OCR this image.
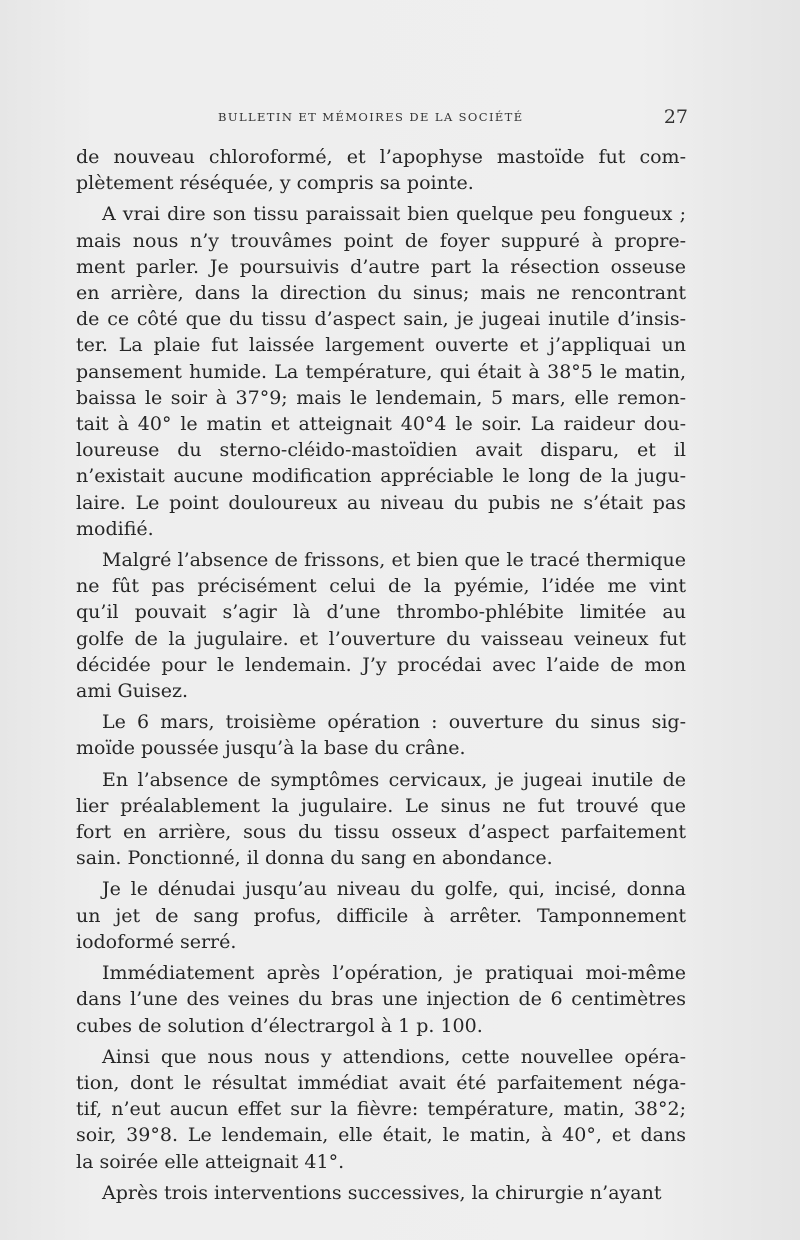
BULLETIN ET MÉMOIRES DE LA SOCIÉTÉ	27
de nouveau chloroformé, et l’apophyse mastoïde fut com-
plètement réséquée, y compris sa pointe.
A vrai dire son tissu paraissait bien quelque peu fongueux ;
mais nous n’y trouvâmes point de foyer suppuré à propre-
ment parler. Je poursuivis d’autre part la résection osseuse
en arrière, dans la direction du sinus; mais ne rencontrant
de ce côté que du tissu d’aspect sain, je jugeai inutile d’insis-
ter. La plaie fut laissée largement ouverte et j’appliquai un
pansement humide. La température, qui était à 38°5 le matin,
baissa le soir à 37°9; mais le lendemain, 5 mars, elle remon-
tait à 40° le matin et atteignait 40°4 le soir. La raideur dou-
loureuse du sterno-cléido-mastoïdien avait disparu, et il
n’existait aucune modification appréciable le long de la jugu-
laire. Le point douloureux au niveau du pubis ne s’était pas
modifié.
Malgré l’absence de frissons, et bien que le tracé thermique
ne fût pas précisément celui de la pyémie, l’idée me vint
qu’il pouvait s’agir là d’une thrombo-phlébite limitée au
golfe de la jugulaire. et l’ouverture du vaisseau veineux fut
décidée pour le lendemain. J’y procédai avec l’aide de mon
ami Guisez.
Le 6 mars, troisième opération : ouverture du sinus sig-
moïde poussée jusqu’à la base du crâne.
En l’absence de symptômes cervicaux, je jugeai inutile de
lier préalablement la jugulaire. Le sinus ne fut trouvé que
fort en arrière, sous du tissu osseux d’aspect parfaitement
sain. Ponctionné, il donna du sang en abondance.
Je le dénudai jusqu’au niveau du golfe, qui, incisé, donna
un jet de sang profus, difficile à arrêter. Tamponnement
iodoformé serré.
Immédiatement après l’opération, je pratiquai moi-même
dans l’une des veines du bras une injection de 6 centimètres
cubes de solution d’électrargol à 1 p. 100.
Ainsi que nous nous y attendions, cette nouvellee opéra-
tion, dont le résultat immédiat avait été parfaitement néga-
tif, n’eut aucun effet sur la fièvre: température, matin, 38°2;
soir, 39°8. Le lendemain, elle était, le matin, à 40°, et dans
la soirée elle atteignait 41°.
Après trois interventions successives, la chirurgie n’ayant
